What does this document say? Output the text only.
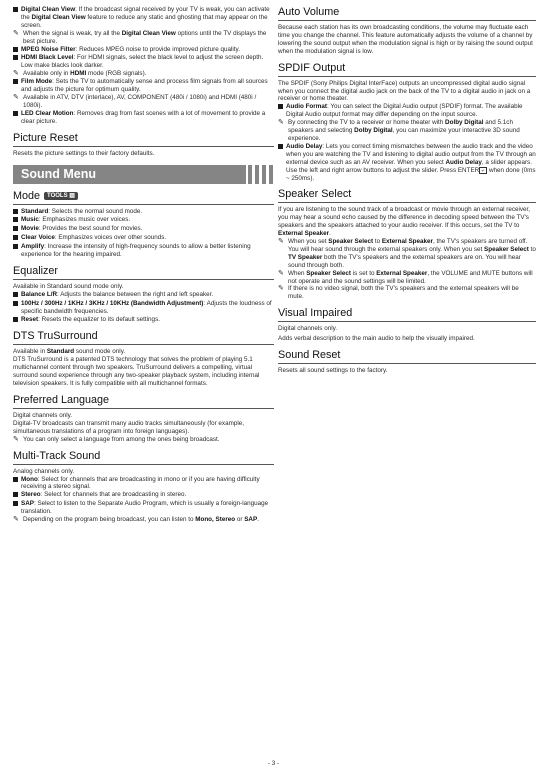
Digital Clean View: If the broadcast signal received by your TV is weak, you can activate the Digital Clean View feature to reduce any static and ghosting that may appear on the screen.
✎ When the signal is weak, try all the Digital Clean View options until the TV displays the best picture.
MPEG Noise Filter: Reduces MPEG noise to provide improved picture quality.
HDMI Black Level: For HDMI signals, select the black level to adjust the screen depth. Low make blacks look darker.
✎ Available only in HDMI mode (RGB signals).
Film Mode: Sets the TV to automatically sense and process film signals from all sources and adjusts the picture for optimum quality.
✎ Available in ATV, DTV (interlace), AV, COMPONENT (480i / 1080i) and HDMI (480i / 1080i).
LED Clear Motion: Removes drag from fast scenes with a lot of movement to provide a clear picture.
Picture Reset

Resets the picture settings to their factory defaults.

Sound Menu
Mode TOOLS ▤
Standard: Selects the normal sound mode.
Music: Emphasizes music over voices.
Movie: Provides the best sound for movies.
Clear Voice: Emphasizes voices over other sounds.
Amplify: Increase the intensity of high-frequency sounds to allow a better listening experience for the hearing impaired.
Equalizer

Available in Standard sound mode only.

Balance L/R: Adjusts the balance between the right and left speaker.
100Hz / 300Hz / 1KHz / 3KHz / 10KHz (Bandwidth Adjustment): Adjusts the loudness of specific bandwidth frequencies.
Reset: Resets the equalizer to its default settings.
DTS TruSurround

Available in Standard sound mode only.

DTS TruSurround is a patented DTS technology that solves the problem of playing 5.1 multichannel content through two speakers. TruSurround delivers a compelling, virtual surround sound experience through any two-speaker playback system, including internal television speakers. It is fully compatible with all multichannel formats.

Preferred Language

Digital channels only.

Digital-TV broadcasts can transmit many audio tracks simultaneously (for example, simultaneous translations of a program into foreign languages).

✎ You can only select a language from among the ones being broadcast.
Multi-Track Sound

Analog channels only.

Mono: Select for channels that are broadcasting in mono or if you are having difficulty receiving a stereo signal.
Stereo: Select for channels that are broadcasting in stereo.
SAP: Select to listen to the Separate Audio Program, which is usually a foreign-language translation.
✎ Depending on the program being broadcast, you can listen to Mono, Stereo or SAP.
Auto Volume

Because each station has its own broadcasting conditions, the volume may fluctuate each time you change the channel. This feature automatically adjusts the volume of a channel by lowering the sound output when the modulation signal is high or by raising the sound output when the modulation signal is low.

SPDIF Output

The SPDIF (Sony Philips Digital InterFace) outputs an uncompressed digital audio signal when you connect the digital audio jack on the back of the TV to a digital audio in jack on a receiver or home theater.

Audio Format: You can select the Digital Audio output (SPDIF) format. The available Digital Audio output format may differ depending on the input source.
✎ By connecting the TV to a receiver or home theater with Dolby Digital and 5.1ch speakers and selecting Dolby Digital, you can maximize your interactive 3D sound experience.
Audio Delay: Lets you correct timing mismatches between the audio track and the video when you are watching the TV and listening to digital audio output from the TV through an external device such as an AV receiver. When you select Audio Delay, a slider appears. Use the left and right arrow buttons to adjust the slider. Press ENTER ↵ when done (0ms ~ 250ms).
Speaker Select

If you are listening to the sound track of a broadcast or movie through an external receiver, you may hear a sound echo caused by the difference in decoding speed between the TV's speakers and the speakers attached to your audio receiver. If this occurs, set the TV to External Speaker.

✎ When you set Speaker Select to External Speaker, the TV's speakers are turned off. You will hear sound through the external speakers only. When you set Speaker Select to TV Speaker both the TV's speakers and the external speakers are on. You will hear sound through both.
✎ When Speaker Select is set to External Speaker, the VOLUME and MUTE buttons will not operate and the sound settings will be limited.
✎ If there is no video signal, both the TV's speakers and the external speakers will be mute.
Visual Impaired

Digital channels only.

Adds verbal description to the main audio to help the visually impaired.

Sound Reset

Resets all sound settings to the factory.

- 3 -
